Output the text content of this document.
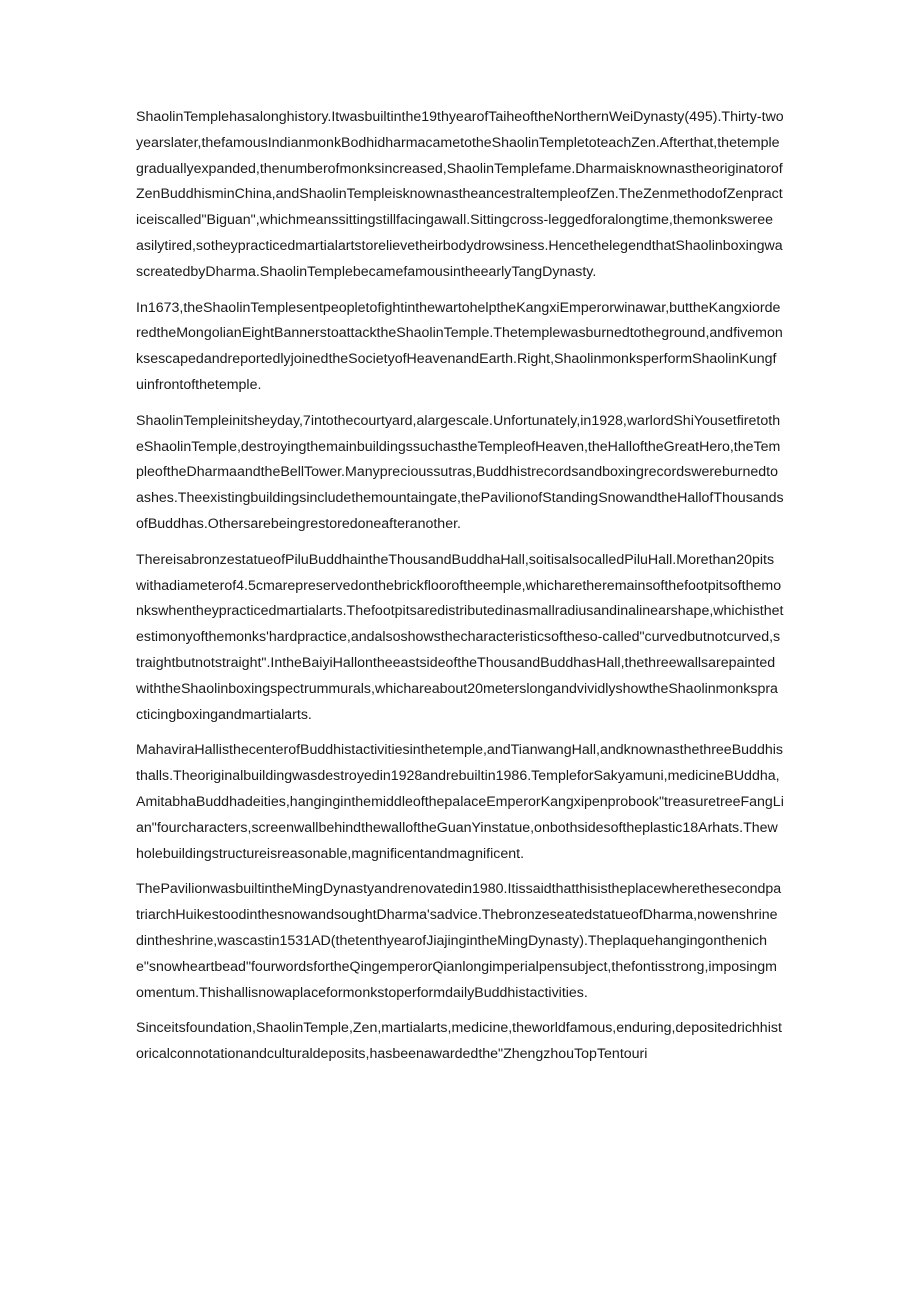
ShaolinTemplehasalonghistory.Itwasbuiltinthe19thyearofTaiheoftheNorthernWeiDynasty(495).Thirty-twoyearslater,thefamousIndianmonkBodhidharmacametotheShaolinTempletoteachZen.Afterthat,thetemplegraduallyexpanded,thenumberofmonksincreased,ShaolinTemplefame.DharmaisknownastheoriginatorofZenBuddhisminChina,andShaolinTempleisknownastheancestraltempleofZen.TheZenmethodofZenpracticeiscalled"Biguan",whichmeanssittingstillfacingawall.Sittingcross-leggedforalongtime,themonksweree asilytired,sotheypracticedmartialartstorelievetheirbodydrowsiness.HencethelegendthatShaolinboxingwascreatedbyDharma.ShaolinTemplebecamefamousintheearlyTangDynasty.

In1673,theShaolinTemplesentpeopletofightinthewartohelptheKangxiEmperorwinawar,buttheKangxiorderedtheMongolianEightBannerstoattacktheShaolinTemple.Thetemplewasburnedtotheground,andfivemonksescapedandreportedlyjoinedtheSocietyofHeavenandEarth.Right,ShaolinmonksperformShaolinKungfuinfrontofthetemple.

ShaolinTempleinitsheyday,7intothecourtyard,alargescale.Unfortunately,in1928,warlordShiYousetfiretotheShaolinTemple,destroyingthemainbuildingssuchastheTempleofHeaven,theHalloftheGreatHero,theTempleoftheDharmaandtheBellTower.Manyprecioussutras,Buddhistrecordsandboxingrecordswereburnedtoashes.Theexistingbuildingsincludethemountaingate,thePavilionofStandingSnowandtheHallofThousandsofBuddhas.Othersarebeingrestoredoneafteranother.

TherеisabronzestatueofPiluBuddhaintheThousandBuddhaHall,soitisalsocalledPiluHall.Morethan20pitswithadiameterof4.5cmarepreservedonthebrickflooroftheemple,whicharetheremainsofthefootpitsofthemonkswhentheypracticedmartialarts.Thefootpitsaredistributedinasmallradiusandinalinearshape,whichisthetestimonyofthemonks'hardpractice,andalsoshowsthecharacteristicsoftheso-called"curvedbutnotcurved,straightbutnotstraight".IntheBaiyiHallontheeastsideoftheThousandBuddhasHall,thethreewallsarepaintedwiththeShaolinboxingspectrummurals,whichareabout20meterslongandvividlyshowtheShaolinmonkspracticingboxingandmartialarts.

MahaviraHallisthecenterofBuddhistactivitiesinthetemple,andTianwangHall,andknownasthethreeBuddhisthalls.Theoriginalbuildingwasdestroyedin1928andrebuiltin1986.TempleforSakyamuni,medicineBUddha,AmitabhaBuddhadeities,hanginginthemiddleofthepalaceEmperorKangxipenprobook"treasuretreeFangLian"fourcharacters,screenwallbehindthewalloftheGuanYinstatue,onbothsidesoftheplastic18Arhats.Thewholebuildingstructureisreasonable,magnificentandmagnificent.

ThePavilionwasbuiltintheMingDynastyandrenovatedin1980.ItissaidthatthisistheplacewherethesecondpatriarchHuikestoodinthesnowandsoughtDharma'sadvice.ThebronzeseatedstatueofDharma,nowenshrinedintheshrine,wascastin1531AD(thetenthyearofJiajingintheMingDynasty).Theplaquehangingontheniche"snowheartbead"fourwordsfortheQingemperorQianlongimperialpensubject,thefontisstrong,imposingmomentum.ThishallisnowaplaceformonkstoperformdailyBuddhistactivities.

Sinceitsfoundation,ShaolinTemple,Zen,martialarts,medicine,theworldfamous,enduring,depositedrichhistoricalconnotationandculturaldeposits,hasbeenawardedthe"ZhengzhouTopTentouri
